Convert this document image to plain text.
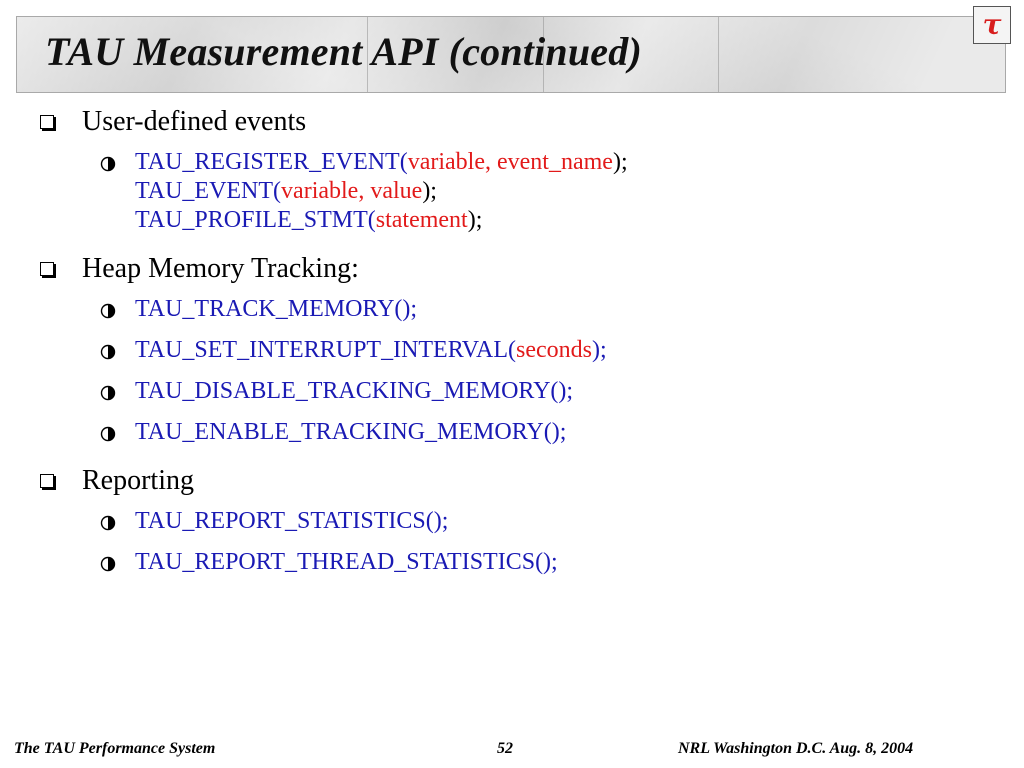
TAU Measurement API (continued)
τ
User-defined events
TAU_REGISTER_EVENT(variable, event_name);
TAU_EVENT(variable, value);
TAU_PROFILE_STMT(statement);
Heap Memory Tracking:
TAU_TRACK_MEMORY();
TAU_SET_INTERRUPT_INTERVAL(seconds);
TAU_DISABLE_TRACKING_MEMORY();
TAU_ENABLE_TRACKING_MEMORY();
Reporting
TAU_REPORT_STATISTICS();
TAU_REPORT_THREAD_STATISTICS();
The TAU Performance System	52	NRL Washington D.C. Aug. 8, 2004
